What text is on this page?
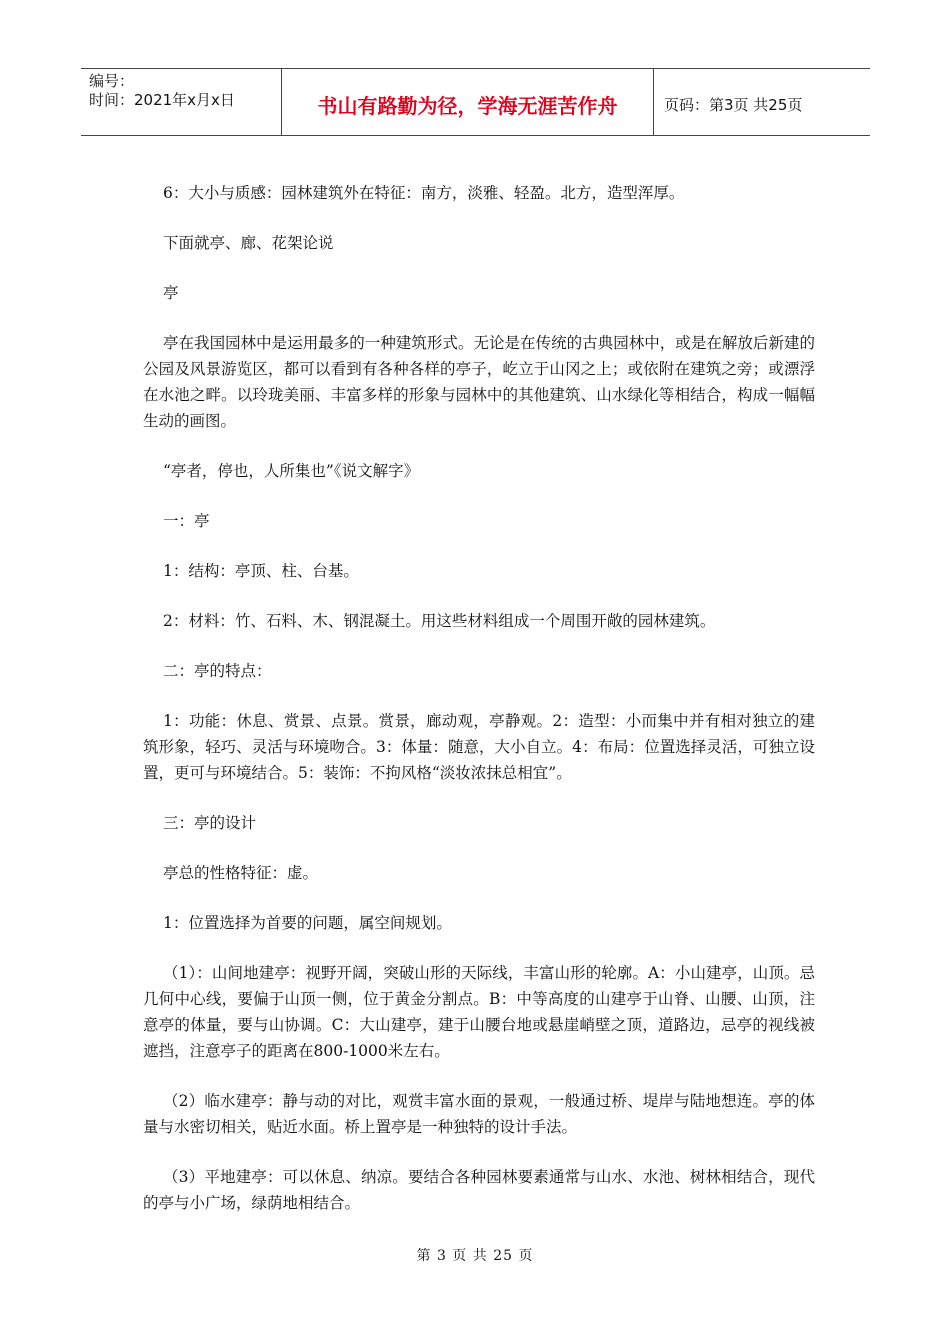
编号：
时间：2021年x月x日	书山有路勤为径，学海无涯苦作舟	页码：第3页 共25页

6：大小与质感：园林建筑外在特征：南方，淡雅、轻盈。北方，造型浑厚。

下面就亭、廊、花架论说

亭

亭在我国园林中是运用最多的一种建筑形式。无论是在传统的古典园林中，或是在解放后新建的公园及风景游览区，都可以看到有各种各样的亭子，屹立于山冈之上；或依附在建筑之旁；或漂浮在水池之畔。以玲珑美丽、丰富多样的形象与园林中的其他建筑、山水绿化等相结合，构成一幅幅生动的画图。

“亭者，停也，人所集也”《说文解字》

一：亭

1：结构：亭顶、柱、台基。

2：材料：竹、石料、木、钢混凝土。用这些材料组成一个周围开敞的园林建筑。

二：亭的特点：

1：功能：休息、赏景、点景。赏景，廊动观，亭静观。2：造型：小而集中并有相对独立的建筑形象，轻巧、灵活与环境吻合。3：体量：随意，大小自立。4：布局：位置选择灵活，可独立设置，更可与环境结合。5：装饰：不拘风格“淡妆浓抹总相宜”。

三：亭的设计

亭总的性格特征：虚。

1：位置选择为首要的问题，属空间规划。

（1）：山间地建亭：视野开阔，突破山形的天际线，丰富山形的轮廓。A：小山建亭，山顶。忌几何中心线，要偏于山顶一侧，位于黄金分割点。B：中等高度的山建亭于山脊、山腰、山顶，注意亭的体量，要与山协调。C：大山建亭，建于山腰台地或悬崖峭壁之顶，道路边，忌亭的视线被遮挡，注意亭子的距离在800-1000米左右。

（2）临水建亭：静与动的对比，观赏丰富水面的景观，一般通过桥、堤岸与陆地想连。亭的体量与水密切相关，贴近水面。桥上置亭是一种独特的设计手法。

（3）平地建亭：可以休息、纳凉。要结合各种园林要素通常与山水、水池、树林相结合，现代的亭与小广场，绿荫地相结合。

第 3 页 共 25 页
